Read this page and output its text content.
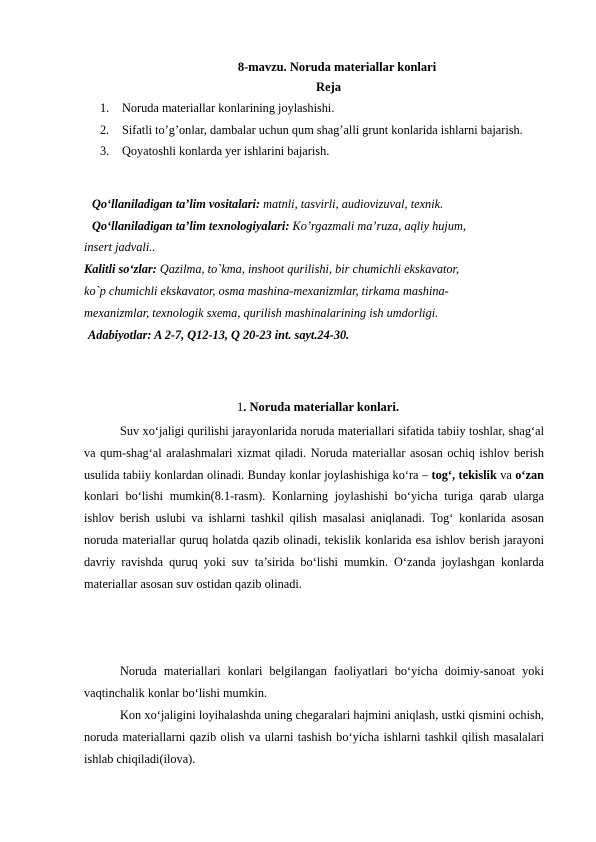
8-mavzu. Noruda materiallar konlari
Reja
1. Noruda materiallar konlarining joylashishi.
2. Sifatli to’g’onlar, dambalar uchun qum shag’alli grunt konlarida ishlarni bajarish.
3. Qoyatoshli konlarda yer ishlarini bajarish.
Qo‘llaniladigan ta’lim vositalari: matnli, tasvirli, audiovizuval, texnik.
Qo‘llaniladigan ta’lim texnologiyalari: Ko’rgazmali ma’ruza, aqliy hujum,
insert jadvali..
Kalitli so‘zlar: Qazilma, to`kma, inshoot qurilishi, bir chumichli ekskavator,
ko`p chumichli ekskavator, osma mashina-mexanizmlar, tirkama mashina-
mexanizmlar, texnologik sxema, qurilish mashinalarining ish umdorligi.
Adabiyotlar: A 2-7, Q12-13, Q 20-23 int. sayt.24-30.
1. Noruda materiallar konlari.
Suv xo‘jaligi qurilishi jarayonlarida noruda materiallari sifatida tabiiy toshlar, shag‘al va qum-shag‘al aralashmalari xizmat qiladi. Noruda materiallar asosan ochiq ishlov berish usulida tabiiy konlardan olinadi. Bunday konlar joylashishiga ko‘ra – tog‘, tekislik va o‘zan konlari bo‘lishi mumkin(8.1-rasm). Konlarning joylashishi bo‘yicha turiga qarab ularga ishlov berish uslubi va ishlarni tashkil qilish masalasi aniqlanadi. Tog‘ konlarida asosan noruda materiallar quruq holatda qazib olinadi, tekislik konlarida esa ishlov berish jarayoni davriy ravishda quruq yoki suv ta’sirida bo‘lishi mumkin. O‘zanda joylashgan konlarda materiallar asosan suv ostidan qazib olinadi.
Noruda materiallari konlari belgilangan faoliyatlari bo‘yicha doimiy-sanoat yoki vaqtinchalik konlar bo‘lishi mumkin.
Kon xo‘jaligini loyihalashda uning chegaralari hajmini aniqlash, ustki qismini ochish, noruda materiallarni qazib olish va ularni tashish bo‘yicha ishlarni tashkil qilish masalalari ishlab chiqiladi(ilova).
